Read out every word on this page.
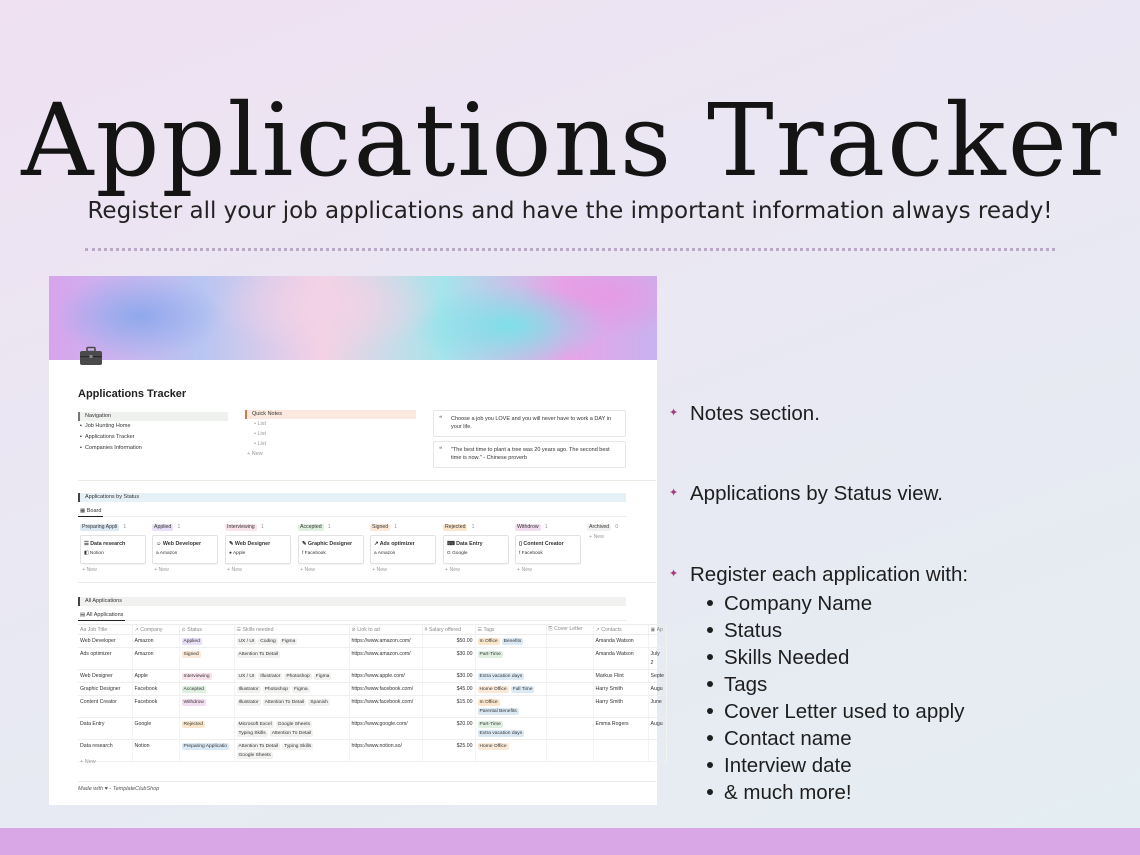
Applications Tracker
Register all your job applications and have the important information always ready!
Applications Tracker
Navigation
▪ Job Hunting Home
▪ Applications Tracker
▪ Companies Information
Quick Notes
• List
• List
• List
+ New
❝ Choose a job you LOVE and you will never have to work a DAY in your life.
❝ "The best time to plant a tree was 20 years ago. The second best time is now." - Chinese proverb
Applications by Status
▦ Board
Preparing Appli	1
☰ Data research
◧ Notion
+ New
Applied	1
☺ Web Developer
a Amazon
+ New
Interviewing	1
✎ Web Designer
● Apple
+ New
Accepted	1
✎ Graphic Designer
f Facebook
+ New
Signed	1
↗ Ads optimizer
a Amazon
+ New
Rejected	1
⌨ Data Entry
G Google
+ New
Withdrow	1
▯ Content Creator
f Facebook
+ New
Archived	0
+ New
All Applications
▤ All Applications
Aa Job Title	↗ Company	⊙ Status	☰ Skills needed	⊘ Link to ad	# Salary offered	☰ Tags	⎘ Cover Letter	↗ Contacts	▣ Ap
Web Developer	Amazon	Applied	UX / UI Coding Figma	https://www.amazon.com/	$50.00	In Office Benefits		Amanda Watson	
Ads optimizer	Amazon	Signed	Attention To Detail	https://www.amazon.com/	$30.00	Part-Time		Amanda Watson	July 2
Web Designer	Apple	Interviewing	UX / UI Illustrator Photoshop Figma	https://www.apple.com/	$30.00	Extra vacation days		Markus Flint	Septe
Graphic Designer	Facebook	Accepted	Illustrator Photoshop Figma	https://www.facebook.com/	$45.00	Home Office Full Time		Harry Smith	Augu
Content Creator	Facebook	Withdrow	Illustrator Attention To Detail Spanish	https://www.facebook.com/	$15.00	In OfficeParental Benefits		Harry Smith	June
Data Entry	Google	Rejected	Microsoft Excel Google SheetsTyping Skills Attention To Detail	https://www.google.com/	$20.00	Part-TimeExtra vacation days		Emma Rogers	Augu
Data research	Notion	Preparing Applicatio	Attention To Detail Typing SkillsGoogle Sheets	https://www.notion.so/	$25.00	Home Office			
+ New
Made with ♥ - TemplateClubShop
✦ Notes section.
✦ Applications by Status view.
✦ Register each application with:
Company Name
Status
Skills Needed
Tags
Cover Letter used to apply
Contact name
Interview date
& much more!
